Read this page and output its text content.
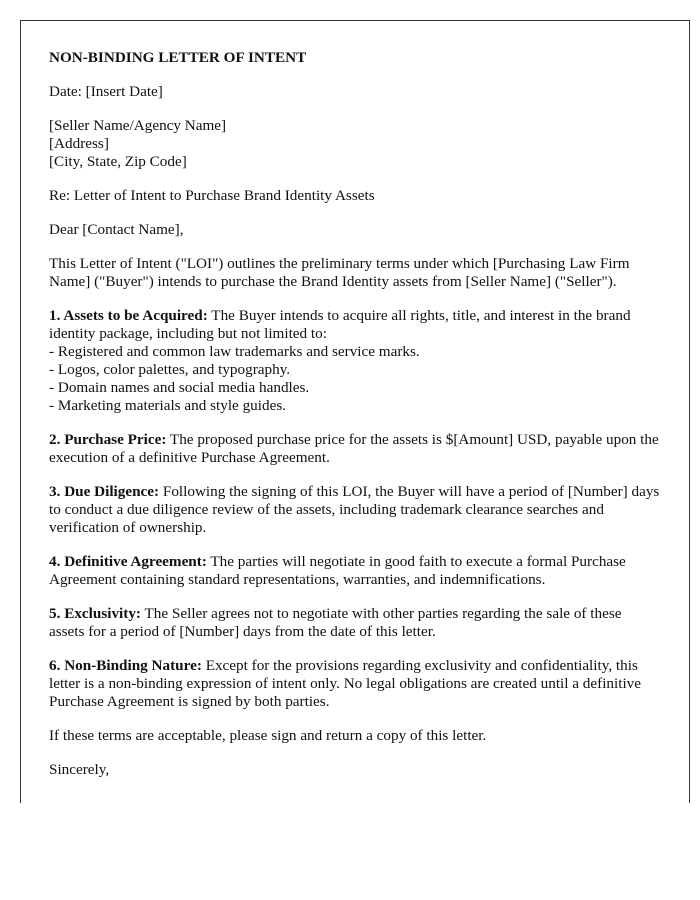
NON-BINDING LETTER OF INTENT

Date: [Insert Date]

[Seller Name/Agency Name]
[Address]
[City, State, Zip Code]

Re: Letter of Intent to Purchase Brand Identity Assets

Dear [Contact Name],

This Letter of Intent ("LOI") outlines the preliminary terms under which [Purchasing Law Firm Name] ("Buyer") intends to purchase the Brand Identity assets from [Seller Name] ("Seller").

1. Assets to be Acquired: The Buyer intends to acquire all rights, title, and interest in the brand identity package, including but not limited to:
- Registered and common law trademarks and service marks.
- Logos, color palettes, and typography.
- Domain names and social media handles.
- Marketing materials and style guides.

2. Purchase Price: The proposed purchase price for the assets is $[Amount] USD, payable upon the execution of a definitive Purchase Agreement.

3. Due Diligence: Following the signing of this LOI, the Buyer will have a period of [Number] days to conduct a due diligence review of the assets, including trademark clearance searches and verification of ownership.

4. Definitive Agreement: The parties will negotiate in good faith to execute a formal Purchase Agreement containing standard representations, warranties, and indemnifications.

5. Exclusivity: The Seller agrees not to negotiate with other parties regarding the sale of these assets for a period of [Number] days from the date of this letter.

6. Non-Binding Nature: Except for the provisions regarding exclusivity and confidentiality, this letter is a non-binding expression of intent only. No legal obligations are created until a definitive Purchase Agreement is signed by both parties.

If these terms are acceptable, please sign and return a copy of this letter.

Sincerely,
